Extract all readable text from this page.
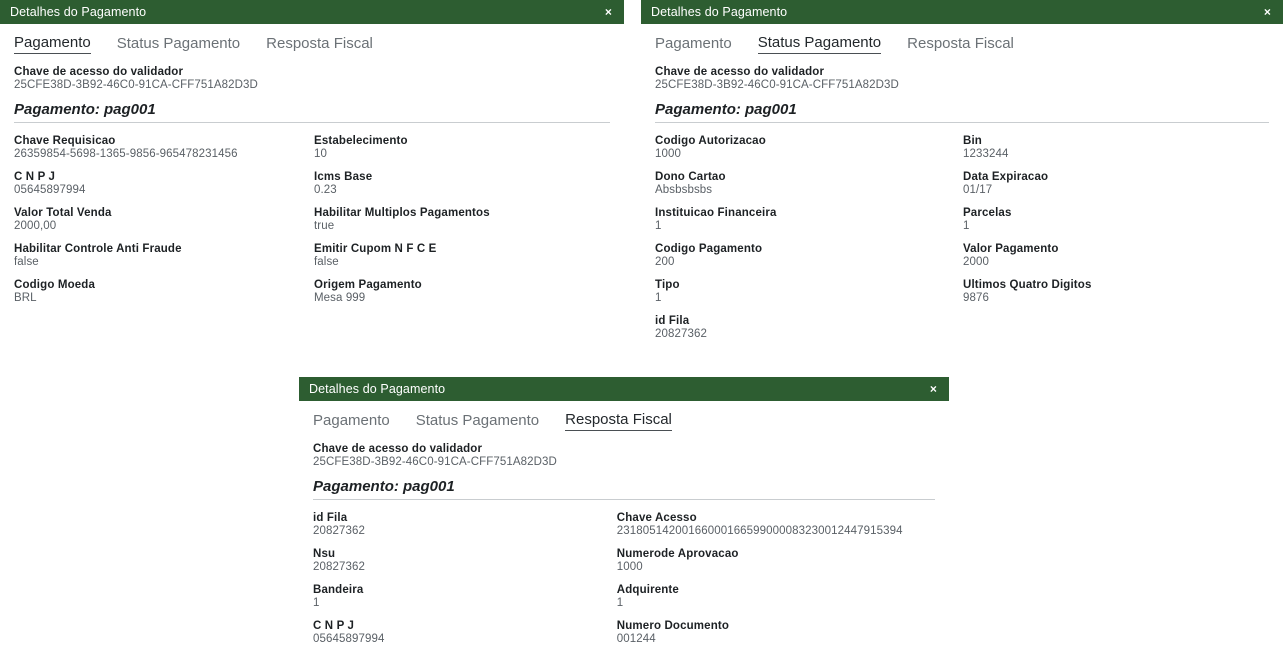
Detalhes do Pagamento	×
Pagamento Status Pagamento Resposta Fiscal
Chave de acesso do validador
25CFE38D-3B92-46C0-91CA-CFF751A82D3D
Pagamento: pag001
Chave Requisicao
26359854-5698-1365-9856-965478231456
C N P J
05645897994
Valor Total Venda
2000,00
Habilitar Controle Anti Fraude
false
Codigo Moeda
BRL
Estabelecimento
10
Icms Base
0.23
Habilitar Multiplos Pagamentos
true
Emitir Cupom N F C E
false
Origem Pagamento
Mesa 999
Detalhes do Pagamento	×
Pagamento Status Pagamento Resposta Fiscal
Chave de acesso do validador
25CFE38D-3B92-46C0-91CA-CFF751A82D3D
Pagamento: pag001
Codigo Autorizacao
1000
Dono Cartao
Absbsbsbs
Instituicao Financeira
1
Codigo Pagamento
200
Tipo
1
id Fila
20827362
Bin
1233244
Data Expiracao
01/17
Parcelas
1
Valor Pagamento
2000
Ultimos Quatro Digitos
9876
Detalhes do Pagamento	×
Pagamento Status Pagamento Resposta Fiscal
Chave de acesso do validador
25CFE38D-3B92-46C0-91CA-CFF751A82D3D
Pagamento: pag001
id Fila
20827362
Nsu
20827362
Bandeira
1
C N P J
05645897994
Chave Acesso
23180514200166000166599000083230012447915394
Numerode Aprovacao
1000
Adquirente
1
Numero Documento
001244
